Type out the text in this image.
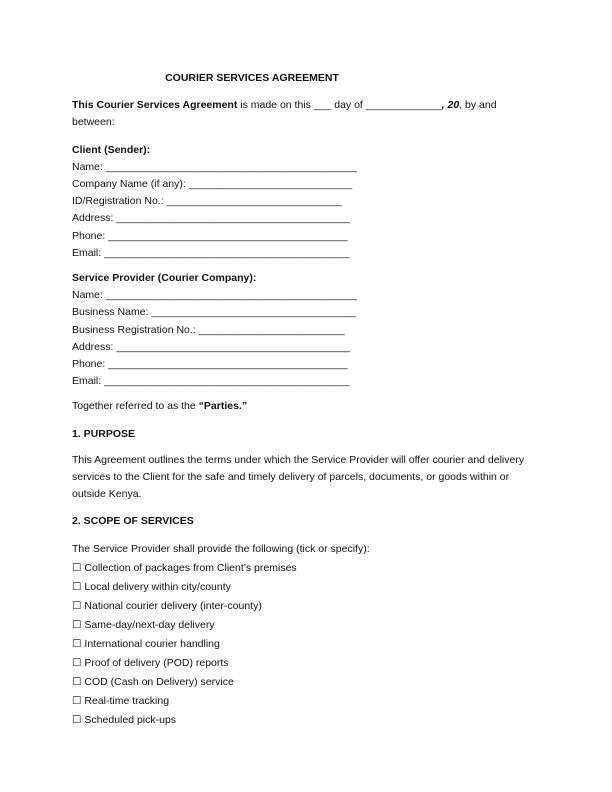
COURIER SERVICES AGREEMENT

This Courier Services Agreement is made on this ___ day of _____________, 20, by and between:

Client (Sender):

Name: ___________________________________________

Company Name (if any): ____________________________

ID/Registration No.: ______________________________

Address: ________________________________________

Phone: _________________________________________

Email: __________________________________________

Service Provider (Courier Company):

Name: ___________________________________________

Business Name: ___________________________________

Business Registration No.: _________________________

Address: ________________________________________

Phone: _________________________________________

Email: __________________________________________

Together referred to as the “Parties.”

1. PURPOSE

This Agreement outlines the terms under which the Service Provider will offer courier and delivery services to the Client for the safe and timely delivery of parcels, documents, or goods within or outside Kenya.

2. SCOPE OF SERVICES

The Service Provider shall provide the following (tick or specify):

☐ Collection of packages from Client’s premises

☐ Local delivery within city/county

☐ National courier delivery (inter-county)

☐ Same-day/next-day delivery

☐ International courier handling

☐ Proof of delivery (POD) reports

☐ COD (Cash on Delivery) service

☐ Real-time tracking

☐ Scheduled pick-ups
